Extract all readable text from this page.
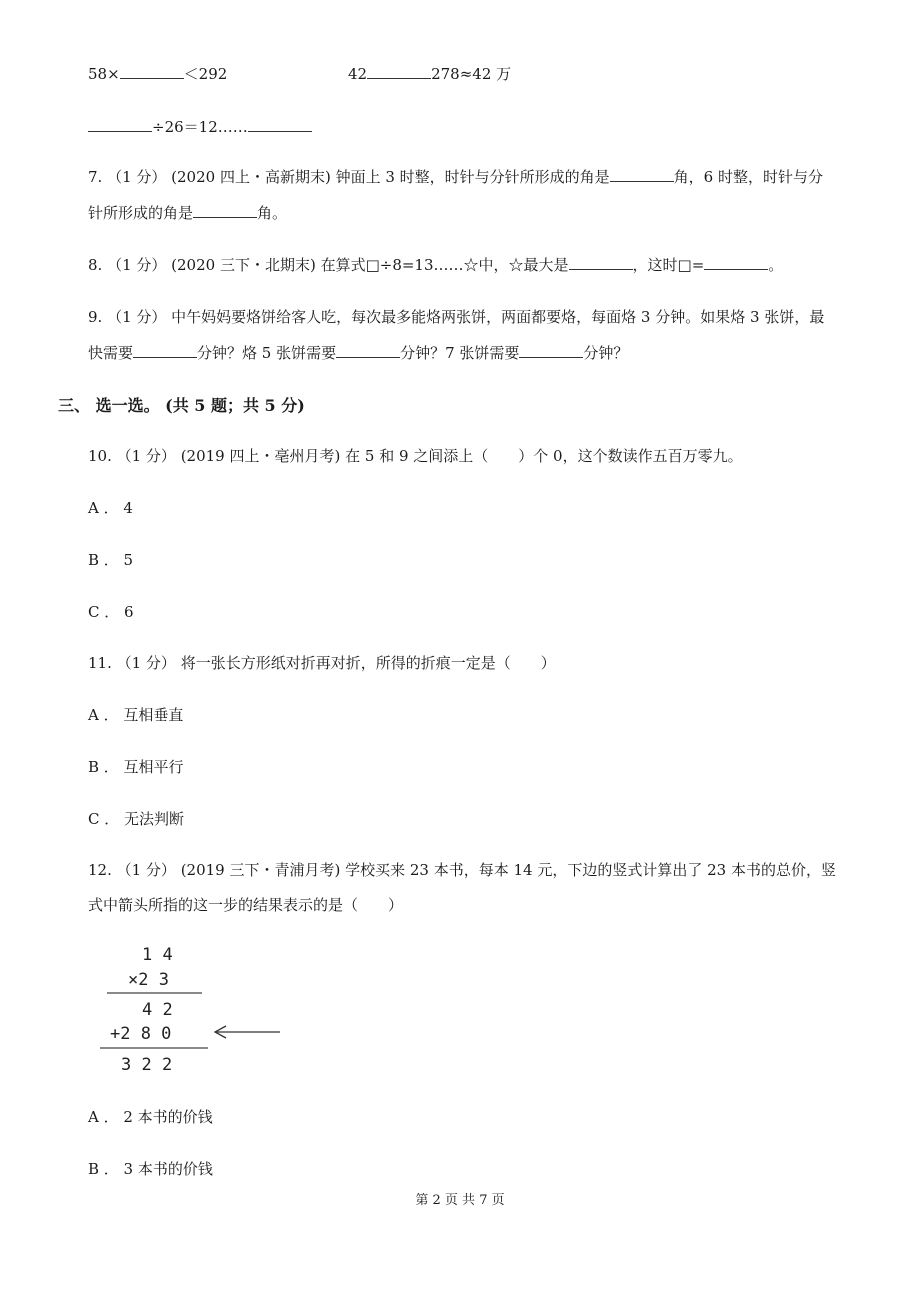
58×	＜292	42	278≈42 万
÷26＝12……
7. （1 分） (2020 四上・高新期末) 钟面上 3 时整，时针与分针所形成的角是	角，6 时整，时针与分
针所形成的角是	角。
8. （1 分） (2020 三下・北期末) 在算式□÷8=13……☆中，☆最大是	，这时□=	。
9. （1 分） 中午妈妈要烙饼给客人吃，每次最多能烙两张饼，两面都要烙，每面烙 3 分钟。如果烙 3 张饼，最
快需要	分钟？烙 5 张饼需要	分钟？7 张饼需要	分钟？
三、 选一选。 (共 5 题；共 5 分)
10. （1 分） (2019 四上・亳州月考) 在 5 和 9 之间添上（　　）个 0，这个数读作五百万零九。
A ． 4
B ． 5
C ． 6
11. （1 分） 将一张长方形纸对折再对折，所得的折痕一定是（　　）
A ． 互相垂直
B ． 互相平行
C ． 无法判断
12. （1 分） (2019 三下・青浦月考) 学校买来 23 本书，每本 14 元，下边的竖式计算出了 23 本书的总价，竖
式中箭头所指的这一步的结果表示的是（　　）
1 4
×2 3
4 2
+2 8 0
3 2 2
A ． 2 本书的价钱
B ． 3 本书的价钱
第 2 页 共 7 页
